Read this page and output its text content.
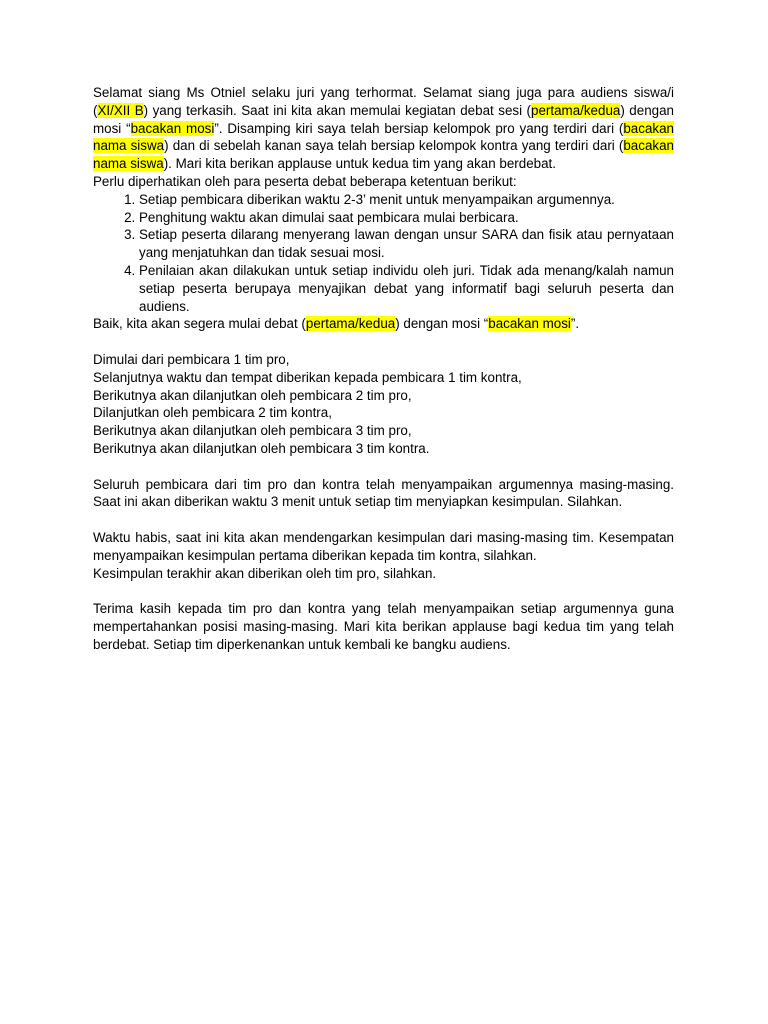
Selamat siang Ms Otniel selaku juri yang terhormat. Selamat siang juga para audiens siswa/i (XI/XII B) yang terkasih. Saat ini kita akan memulai kegiatan debat sesi (pertama/kedua) dengan mosi “bacakan mosi”. Disamping kiri saya telah bersiap kelompok pro yang terdiri dari (bacakan nama siswa) dan di sebelah kanan saya telah bersiap kelompok kontra yang terdiri dari (bacakan nama siswa). Mari kita berikan applause untuk kedua tim yang akan berdebat.

Perlu diperhatikan oleh para peserta debat beberapa ketentuan berikut:

1. Setiap pembicara diberikan waktu 2-3’ menit untuk menyampaikan argumennya.
2. Penghitung waktu akan dimulai saat pembicara mulai berbicara.
3. Setiap peserta dilarang menyerang lawan dengan unsur SARA dan fisik atau pernyataan yang menjatuhkan dan tidak sesuai mosi.
4. Penilaian akan dilakukan untuk setiap individu oleh juri. Tidak ada menang/kalah namun setiap peserta berupaya menyajikan debat yang informatif bagi seluruh peserta dan audiens.

Baik, kita akan segera mulai debat (pertama/kedua) dengan mosi “bacakan mosi”.

Dimulai dari pembicara 1 tim pro,

Selanjutnya waktu dan tempat diberikan kepada pembicara 1 tim kontra,

Berikutnya akan dilanjutkan oleh pembicara 2 tim pro,

Dilanjutkan oleh pembicara 2 tim kontra,

Berikutnya akan dilanjutkan oleh pembicara 3 tim pro,

Berikutnya akan dilanjutkan oleh pembicara 3 tim kontra.

Seluruh pembicara dari tim pro dan kontra telah menyampaikan argumennya masing-masing. Saat ini akan diberikan waktu 3 menit untuk setiap tim menyiapkan kesimpulan. Silahkan.

Waktu habis, saat ini kita akan mendengarkan kesimpulan dari masing-masing tim. Kesempatan menyampaikan kesimpulan pertama diberikan kepada tim kontra, silahkan.

Kesimpulan terakhir akan diberikan oleh tim pro, silahkan.

Terima kasih kepada tim pro dan kontra yang telah menyampaikan setiap argumennya guna mempertahankan posisi masing-masing. Mari kita berikan applause bagi kedua tim yang telah berdebat. Setiap tim diperkenankan untuk kembali ke bangku audiens.
